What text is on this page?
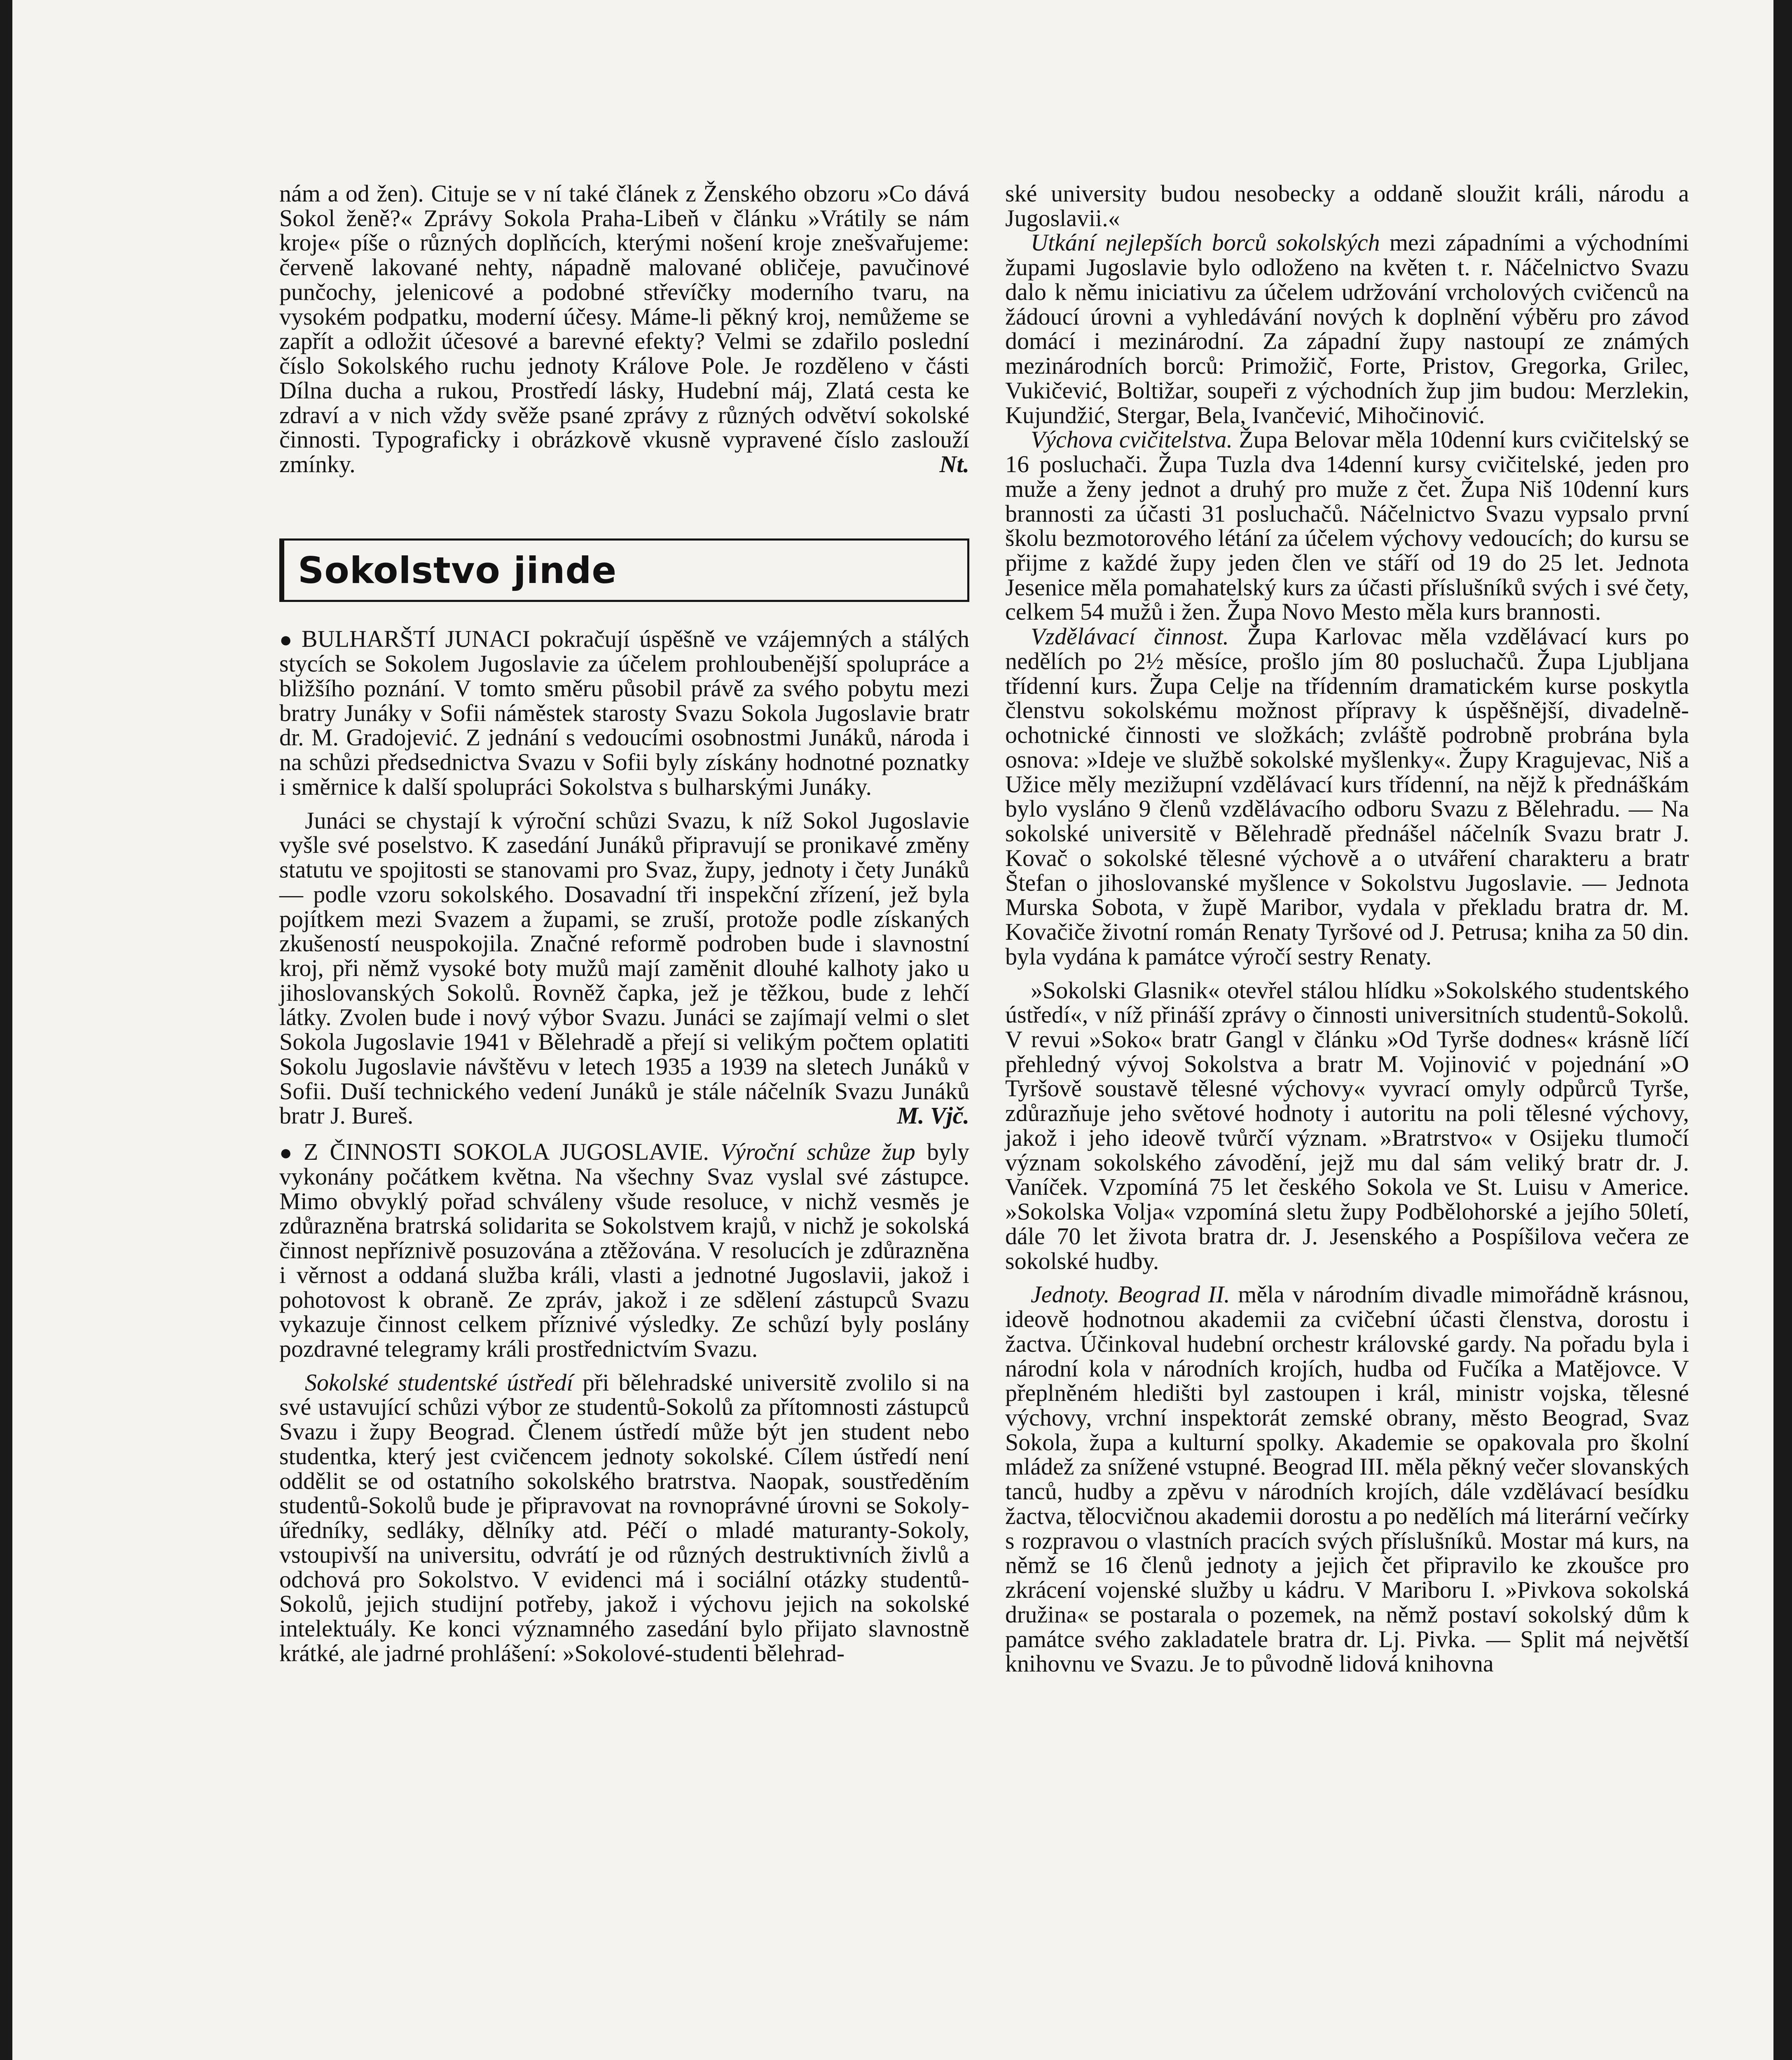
nám a od žen). Cituje se v ní také článek z Ženského obzoru »Co dává Sokol ženě?« Zprávy Sokola Praha-Libeň v článku »Vrátily se nám kroje« píše o různých doplňcích, kterými nošení kroje znešvařujeme: červeně lakované nehty, nápadně malované obličeje, pavučinové punčochy, jelenicové a podobné střevíčky moderního tvaru, na vysokém podpatku, moderní účesy. Máme-li pěkný kroj, nemůžeme se zapřít a odložit účesové a barevné efekty? Velmi se zdařilo poslední číslo Sokolského ruchu jednoty Králove Pole. Je rozděleno v části Dílna ducha a rukou, Prostředí lásky, Hudební máj, Zlatá cesta ke zdraví a v nich vždy svěže psané zprávy z různých odvětví sokolské činnosti. Typograficky i obrázkově vkusně vypravené číslo zaslouží zmínky.	Nt.

Sokolstvo jinde

● BULHARŠTÍ JUNACI pokračují úspěšně ve vzájemných a stálých stycích se Sokolem Jugoslavie za účelem prohloubenější spolupráce a bližšího poznání. V tomto směru působil právě za svého pobytu mezi bratry Junáky v Sofii náměstek starosty Svazu Sokola Jugoslavie bratr dr. M. Gradojević. Z jednání s vedoucími osobnostmi Junáků, národa i na schůzi předsednictva Svazu v Sofii byly získány hodnotné poznatky i směrnice k další spolupráci Sokolstva s bulharskými Junáky.

Junáci se chystají k výroční schůzi Svazu, k níž Sokol Jugoslavie vyšle své poselstvo. K zasedání Junáků připravují se pronikavé změny statutu ve spojitosti se stanovami pro Svaz, župy, jednoty i čety Junáků — podle vzoru sokolského. Dosavadní tři inspekční zřízení, jež byla pojítkem mezi Svazem a župami, se zruší, protože podle získaných zkušeností neuspokojila. Značné reformě podroben bude i slavnostní kroj, při němž vysoké boty mužů mají zaměnit dlouhé kalhoty jako u jihoslovanských Sokolů. Rovněž čapka, jež je těžkou, bude z lehčí látky. Zvolen bude i nový výbor Svazu. Junáci se zajímají velmi o slet Sokola Jugoslavie 1941 v Bělehradě a přejí si velikým počtem oplatiti Sokolu Jugoslavie návštěvu v letech 1935 a 1939 na sletech Junáků v Sofii. Duší technického vedení Junáků je stále náčelník Svazu Junáků bratr J. Bureš.	M. Vjč.

● Z ČINNOSTI SOKOLA JUGOSLAVIE. Výroční schůze žup byly vykonány počátkem května. Na všechny Svaz vyslal své zástupce. Mimo obvyklý pořad schváleny všude resoluce, v nichž vesměs je zdůrazněna bratrská solidarita se Sokolstvem krajů, v nichž je sokolská činnost nepříznivě posuzována a ztěžována. V resolucích je zdůrazněna i věrnost a oddaná služba králi, vlasti a jednotné Jugoslavii, jakož i pohotovost k obraně. Ze zpráv, jakož i ze sdělení zástupců Svazu vykazuje činnost celkem příznivé výsledky. Ze schůzí byly poslány pozdravné telegramy králi prostřednictvím Svazu.

Sokolské studentské ústředí při bělehradské universitě zvolilo si na své ustavující schůzi výbor ze studentů-Sokolů za přítomnosti zástupců Svazu i župy Beograd. Členem ústředí může být jen student nebo studentka, který jest cvičencem jednoty sokolské. Cílem ústředí není oddělit se od ostatního sokolského bratrstva. Naopak, soustředěním studentů-Sokolů bude je připravovat na rovnoprávné úrovni se Sokoly-úředníky, sedláky, dělníky atd. Péčí o mladé maturanty-Sokoly, vstoupivší na universitu, odvrátí je od různých destruktivních živlů a odchová pro Sokolstvo. V evidenci má i sociální otázky studentů-Sokolů, jejich studijní potřeby, jakož i výchovu jejich na sokolské intelektuály. Ke konci významného zasedání bylo přijato slavnostně krátké, ale jadrné prohlášení: »Sokolové-studenti bělehrad-

ské university budou nesobecky a oddaně sloužit králi, národu a Jugoslavii.«

Utkání nejlepších borců sokolských mezi západními a východními župami Jugoslavie bylo odloženo na květen t. r. Náčelnictvo Svazu dalo k němu iniciativu za účelem udržování vrcholových cvičenců na žádoucí úrovni a vyhledávání nových k doplnění výběru pro závod domácí i mezinárodní. Za západní župy nastoupí ze známých mezinárodních borců: Primožič, Forte, Pristov, Gregorka, Grilec, Vukičević, Boltižar, soupeři z východních žup jim budou: Merzlekin, Kujundžić, Stergar, Bela, Ivančević, Mihočinović.

Výchova cvičitelstva. Župa Belovar měla 10denní kurs cvičitelský se 16 posluchači. Župa Tuzla dva 14denní kursy cvičitelské, jeden pro muže a ženy jednot a druhý pro muže z čet. Župa Niš 10denní kurs brannosti za účasti 31 posluchačů. Náčelnictvo Svazu vypsalo první školu bezmotorového létání za účelem výchovy vedoucích; do kursu se přijme z každé župy jeden člen ve stáří od 19 do 25 let. Jednota Jesenice měla pomahatelský kurs za účasti příslušníků svých i své čety, celkem 54 mužů i žen. Župa Novo Mesto měla kurs brannosti.

Vzdělávací činnost. Župa Karlovac měla vzdělávací kurs po nedělích po 2½ měsíce, prošlo jím 80 posluchačů. Župa Ljubljana třídenní kurs. Župa Celje na třídenním dramatickém kurse poskytla členstvu sokolskému možnost přípravy k úspěšnější, divadelně-ochotnické činnosti ve složkách; zvláště podrobně probrána byla osnova: »Ideje ve službě sokolské myšlenky«. Župy Kragujevac, Niš a Užice měly mezižupní vzdělávací kurs třídenní, na nějž k přednáškám bylo vysláno 9 členů vzdělávacího odboru Svazu z Bělehradu. — Na sokolské universitě v Bělehradě přednášel náčelník Svazu bratr J. Kovač o sokolské tělesné výchově a o utváření charakteru a bratr Štefan o jihoslovanské myšlence v Sokolstvu Jugoslavie. — Jednota Murska Sobota, v župě Maribor, vydala v překladu bratra dr. M. Kovačiče životní román Renaty Tyršové od J. Petrusa; kniha za 50 din. byla vydána k památce výročí sestry Renaty.

»Sokolski Glasnik« otevřel stálou hlídku »Sokolského studentského ústředí«, v níž přináší zprávy o činnosti universitních studentů-Sokolů. V revui »Soko« bratr Gangl v článku »Od Tyrše dodnes« krásně líčí přehledný vývoj Sokolstva a bratr M. Vojinović v pojednání »O Tyršově soustavě tělesné výchovy« vyvrací omyly odpůrců Tyrše, zdůrazňuje jeho světové hodnoty i autoritu na poli tělesné výchovy, jakož i jeho ideově tvůrčí význam. »Bratrstvo« v Osijeku tlumočí význam sokolského závodění, jejž mu dal sám veliký bratr dr. J. Vaníček. Vzpomíná 75 let českého Sokola ve St. Luisu v Americe. »Sokolska Volja« vzpomíná sletu župy Podbělohorské a jejího 50letí, dále 70 let života bratra dr. J. Jesenského a Pospíšilova večera ze sokolské hudby.

Jednoty. Beograd II. měla v národním divadle mimořádně krásnou, ideově hodnotnou akademii za cvičební účasti členstva, dorostu i žactva. Účinkoval hudební orchestr královské gardy. Na pořadu byla i národní kola v národních krojích, hudba od Fučíka a Matějovce. V přeplněném hledišti byl zastoupen i král, ministr vojska, tělesné výchovy, vrchní inspektorát zemské obrany, město Beograd, Svaz Sokola, župa a kulturní spolky. Akademie se opakovala pro školní mládež za snížené vstupné. Beograd III. měla pěkný večer slovanských tanců, hudby a zpěvu v národních krojích, dále vzdělávací besídku žactva, tělocvičnou akademii dorostu a po nedělích má literární večírky s rozpravou o vlastních pracích svých příslušníků. Mostar má kurs, na němž se 16 členů jednoty a jejich čet připravilo ke zkoušce pro zkrácení vojenské služby u kádru. V Mariboru I. »Pivkova sokolská družina« se postarala o pozemek, na němž postaví sokolský dům k památce svého zakladatele bratra dr. Lj. Pivka. — Split má největší knihovnu ve Svazu. Je to původně lidová knihovna
